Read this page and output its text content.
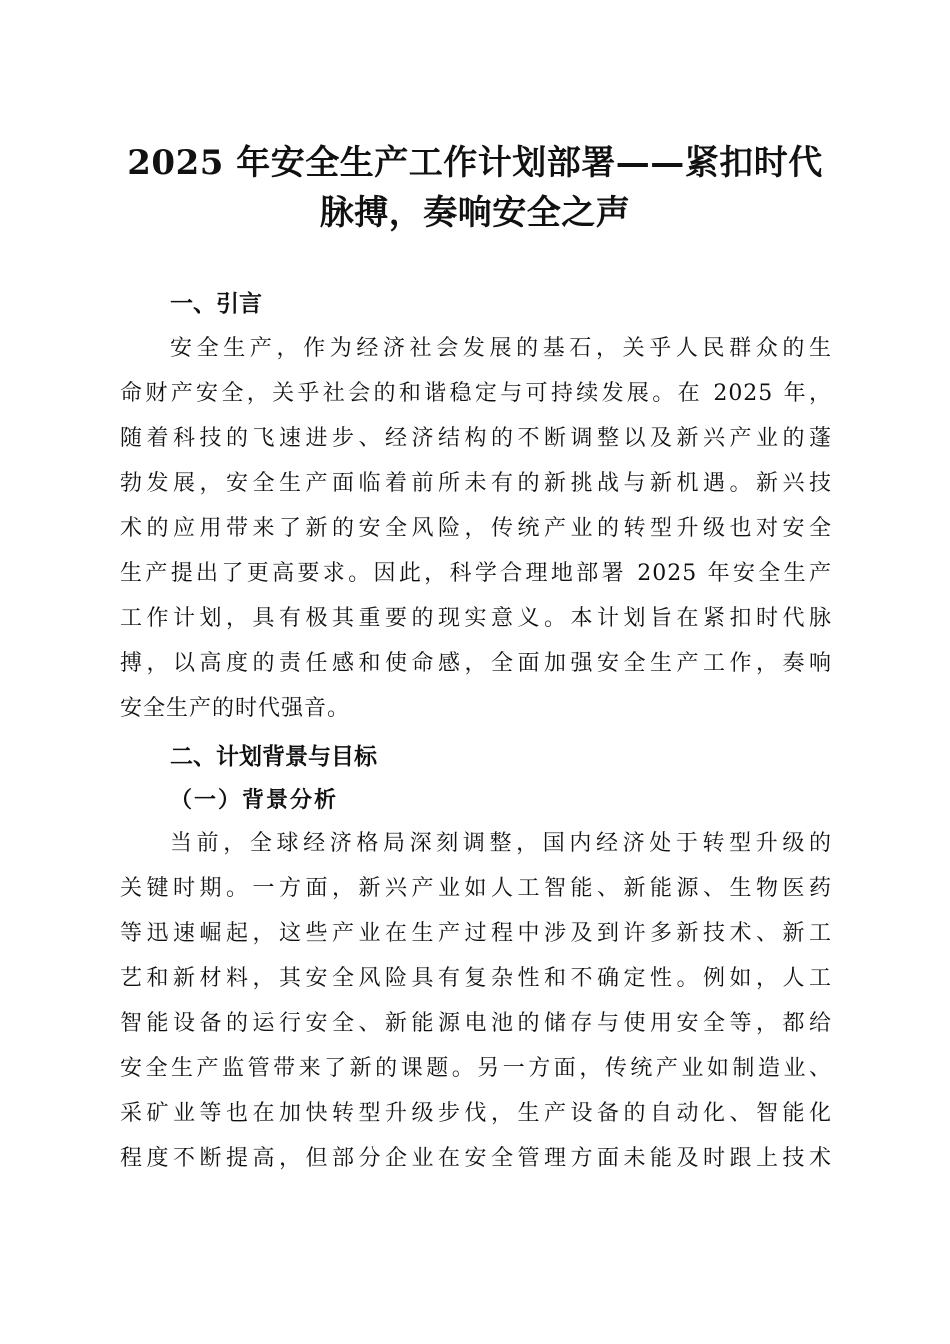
2025 年安全生产工作计划部署——紧扣时代
脉搏，奏响安全之声
一、引言
安全生产，作为经济社会发展的基石，关乎人民群众的生
命财产安全，关乎社会的和谐稳定与可持续发展。在 2025 年，
随着科技的飞速进步、经济结构的不断调整以及新兴产业的蓬
勃发展，安全生产面临着前所未有的新挑战与新机遇。新兴技
术的应用带来了新的安全风险，传统产业的转型升级也对安全
生产提出了更高要求。因此，科学合理地部署 2025 年安全生产
工作计划，具有极其重要的现实意义。本计划旨在紧扣时代脉
搏，以高度的责任感和使命感，全面加强安全生产工作，奏响
安全生产的时代强音。
二、计划背景与目标
（一）背景分析
当前，全球经济格局深刻调整，国内经济处于转型升级的
关键时期。一方面，新兴产业如人工智能、新能源、生物医药
等迅速崛起，这些产业在生产过程中涉及到许多新技术、新工
艺和新材料，其安全风险具有复杂性和不确定性。例如，人工
智能设备的运行安全、新能源电池的储存与使用安全等，都给
安全生产监管带来了新的课题。另一方面，传统产业如制造业、
采矿业等也在加快转型升级步伐，生产设备的自动化、智能化
程度不断提高，但部分企业在安全管理方面未能及时跟上技术
